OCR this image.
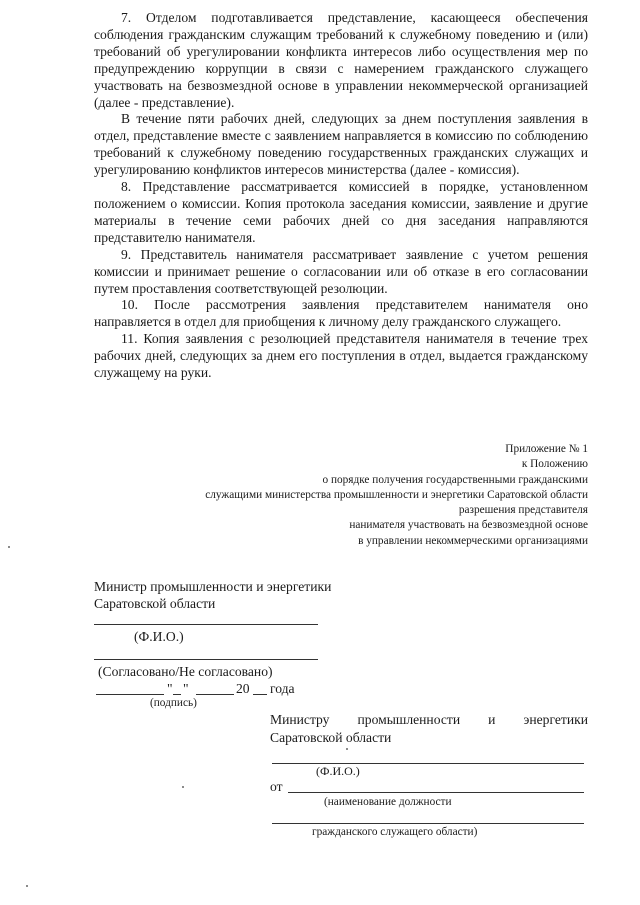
7. Отделом подготавливается представление, касающееся обеспечения соблюдения гражданским служащим требований к служебному поведению и (или) требований об урегулировании конфликта интересов либо осуществления мер по предупреждению коррупции в связи с намерением гражданского служащего участвовать на безвозмездной основе в управлении некоммерческой организацией (далее - представление).

В течение пяти рабочих дней, следующих за днем поступления заявления в отдел, представление вместе с заявлением направляется в комиссию по соблюдению требований к служебному поведению государственных гражданских служащих и урегулированию конфликтов интересов министерства (далее - комиссия).

8. Представление рассматривается комиссией в порядке, установленном положением о комиссии. Копия протокола заседания комиссии, заявление и другие материалы в течение семи рабочих дней со дня заседания направляются представителю нанимателя.

9. Представитель нанимателя рассматривает заявление с учетом решения комиссии и принимает решение о согласовании или об отказе в его согласовании путем проставления соответствующей резолюции.

10. После рассмотрения заявления представителем нанимателя оно направляется в отдел для приобщения к личному делу гражданского служащего.

11. Копия заявления с резолюцией представителя нанимателя в течение трех рабочих дней, следующих за днем его поступления в отдел, выдается гражданскому служащему на руки.

Приложение № 1
к Положению
о порядке получения государственными гражданскими
служащими министерства промышленности и энергетики Саратовской области
разрешения представителя
нанимателя участвовать на безвозмездной основе
в управлении некоммерческими организациями
Министр промышленности и энергетики
Саратовской области
(Ф.И.О.)
(Согласовано/Не согласовано)
" "	20 года
(подпись)
Министру промышленности и энергетики
Саратовской области
(Ф.И.О.)
от
(наименование должности
гражданского служащего области)
